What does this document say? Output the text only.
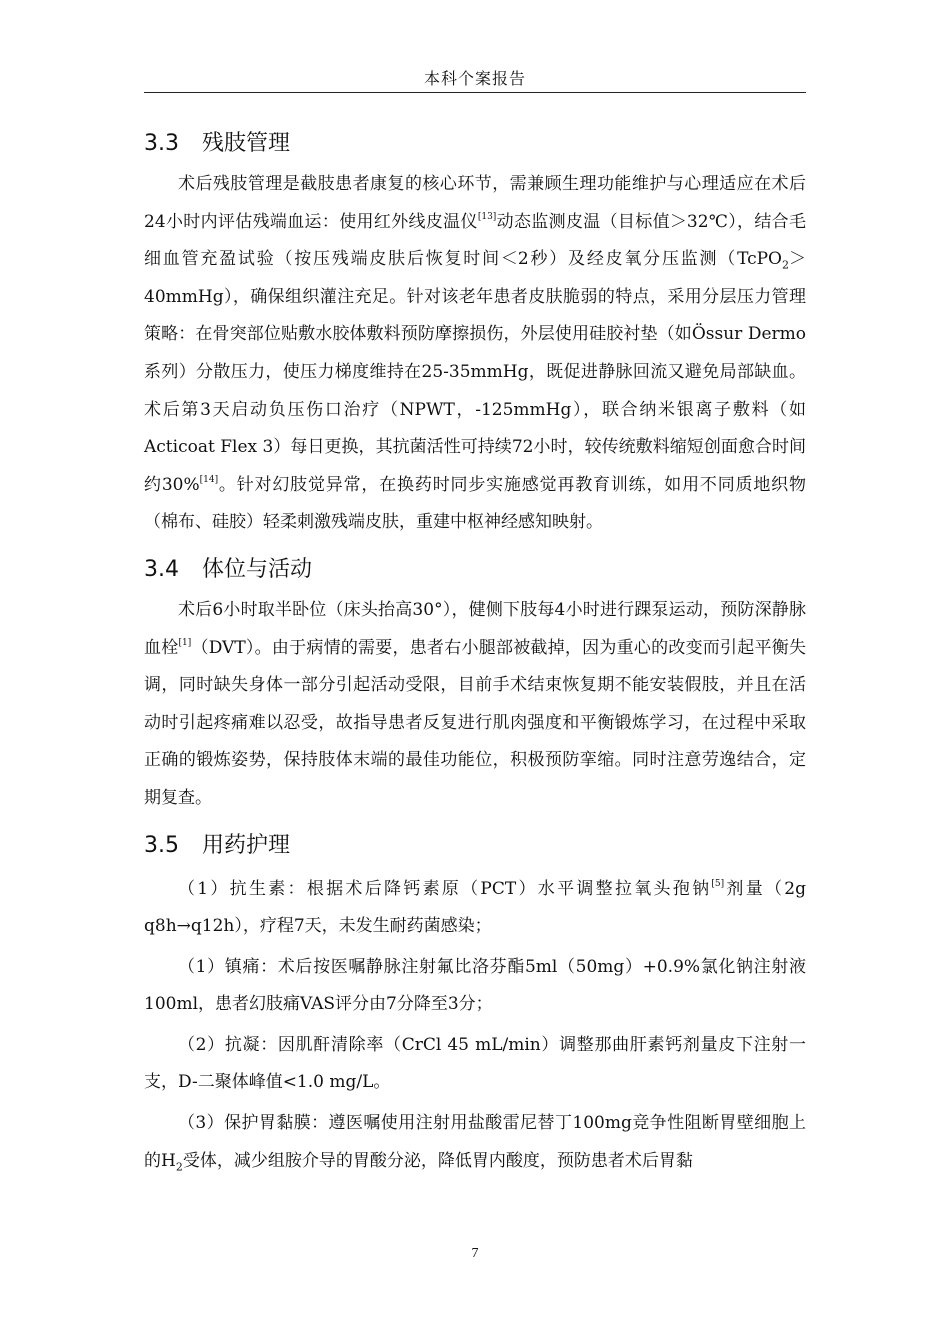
本科个案报告
3.3 残肢管理

术后残肢管理是截肢患者康复的核心环节，需兼顾生理功能维护与心理适应在术后24小时内评估残端血运：使用红外线皮温仪[13]动态监测皮温（目标值＞32℃），结合毛细血管充盈试验（按压残端皮肤后恢复时间＜2秒）及经皮氧分压监测（TcPO$_2$＞40mmHg），确保组织灌注充足。针对该老年患者皮肤脆弱的特点，采用分层压力管理策略：在骨突部位贴敷水胶体敷料预防摩擦损伤，外层使用硅胶衬垫（如Össur Dermo系列）分散压力，使压力梯度维持在25-35mmHg，既促进静脉回流又避免局部缺血。术后第3天启动负压伤口治疗（NPWT，-125mmHg），联合纳米银离子敷料（如Acticoat Flex 3）每日更换，其抗菌活性可持续72小时，较传统敷料缩短创面愈合时间约30%[14]。针对幻肢觉异常，在换药时同步实施感觉再教育训练，如用不同质地织物（棉布、硅胶）轻柔刺激残端皮肤，重建中枢神经感知映射。

3.4 体位与活动

术后6小时取半卧位（床头抬高30°），健侧下肢每4小时进行踝泵运动，预防深静脉血栓[1]（DVT）。由于病情的需要，患者右小腿部被截掉，因为重心的改变而引起平衡失调，同时缺失身体一部分引起活动受限，目前手术结束恢复期不能安装假肢，并且在活动时引起疼痛难以忍受，故指导患者反复进行肌肉强度和平衡锻炼学习，在过程中采取正确的锻炼姿势，保持肢体末端的最佳功能位，积极预防挛缩。同时注意劳逸结合，定期复查。

3.5 用药护理

（1）抗生素：根据术后降钙素原（PCT）水平调整拉氧头孢钠[5]剂量（2g q8h→q12h），疗程7天，未发生耐药菌感染；

（1）镇痛：术后按医嘱静脉注射氟比洛芬酯5ml（50mg）+0.9%氯化钠注射液100ml，患者幻肢痛VAS评分由7分降至3分；

（2）抗凝：因肌酐清除率（CrCl 45 mL/min）调整那曲肝素钙剂量皮下注射一支，D-二聚体峰值<1.0 mg/L。

（3）保护胃黏膜：遵医嘱使用注射用盐酸雷尼替丁100mg竞争性阻断胃壁细胞上的$H_2$受体，减少组胺介导的胃酸分泌，降低胃内酸度，预防患者术后胃黏

7
